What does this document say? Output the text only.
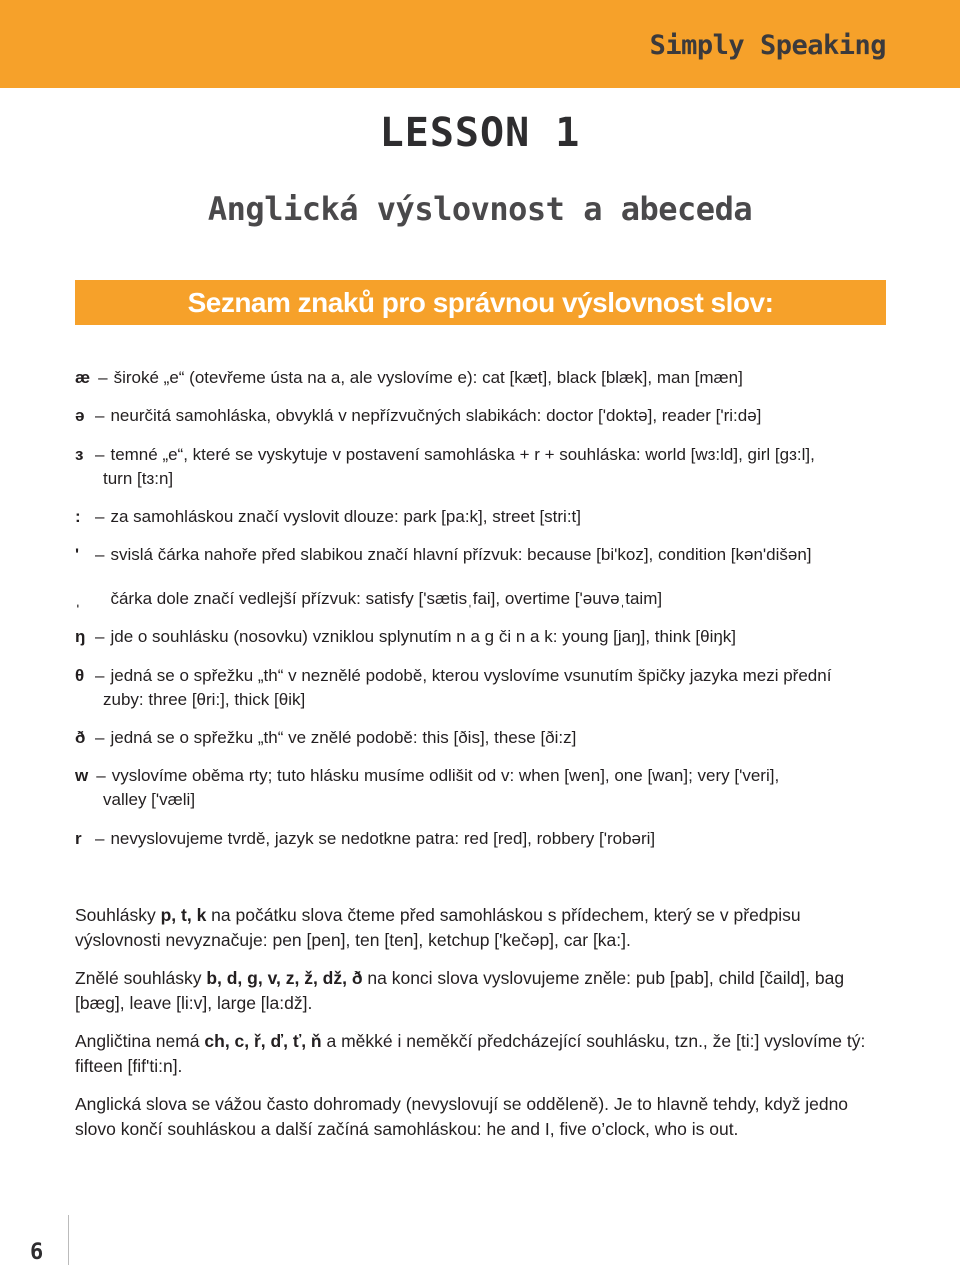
Simply Speaking
LESSON 1
Anglická výslovnost a abeceda
Seznam znaků pro správnou výslovnost slov:
æ – široké „e“ (otevřeme ústa na a, ale vyslovíme e): cat [kæt], black [blæk], man [mæn]
ə – neurčitá samohláska, obvyklá v nepřízvučných slabikách: doctor ['doktə], reader ['ri:də]
ɜ – temné „e“, které se vyskytuje v postavení samohláska + r + souhláska: world [wɜ:ld], girl [gɜ:l],
turn [tɜ:n]
: – za samohláskou značí vyslovit dlouze: park [pa:k], street [stri:t]
' – svislá čárka nahoře před slabikou značí hlavní přízvuk: because [bi'koz], condition [kən'dišən]
ˌ	čárka dole značí vedlejší přízvuk: satisfy ['sætisˌfai], overtime ['əuvəˌtaim]
ŋ – jde o souhlásku (nosovku) vzniklou splynutím n a g či n a k: young [jaŋ], think [θiŋk]
θ – jedná se o spřežku „th“ v neznělé podobě, kterou vyslovíme vsunutím špičky jazyka mezi přední
zuby: three [θri:], thick [θik]
ð – jedná se o spřežku „th“ ve znělé podobě: this [ðis], these [ði:z]
w – vyslovíme oběma rty; tuto hlásku musíme odlišit od v: when [wen], one [wan]; very ['veri],
valley ['væli]
r – nevyslovujeme tvrdě, jazyk se nedotkne patra: red [red], robbery ['robəri]
Souhlásky p, t, k na počátku slova čteme před samohláskou s přídechem, který se v předpisu výslovnosti nevyznačuje: pen [pen], ten [ten], ketchup ['kečəp], car [ka:].
Znělé souhlásky b, d, g, v, z, ž, dž, ð na konci slova vyslovujeme zněle: pub [pab], child [čaild], bag [bæg], leave [li:v], large [la:dž].
Angličtina nemá ch, c, ř, ď, ť, ň a měkké i neměkčí předcházející souhlásku, tzn., že [ti:] vyslovíme tý: fifteen [fif'ti:n].
Anglická slova se vážou často dohromady (nevyslovují se odděleně). Je to hlavně tehdy, když jedno slovo končí souhláskou a další začíná samohláskou: he and I, five o’clock, who is out.
6
